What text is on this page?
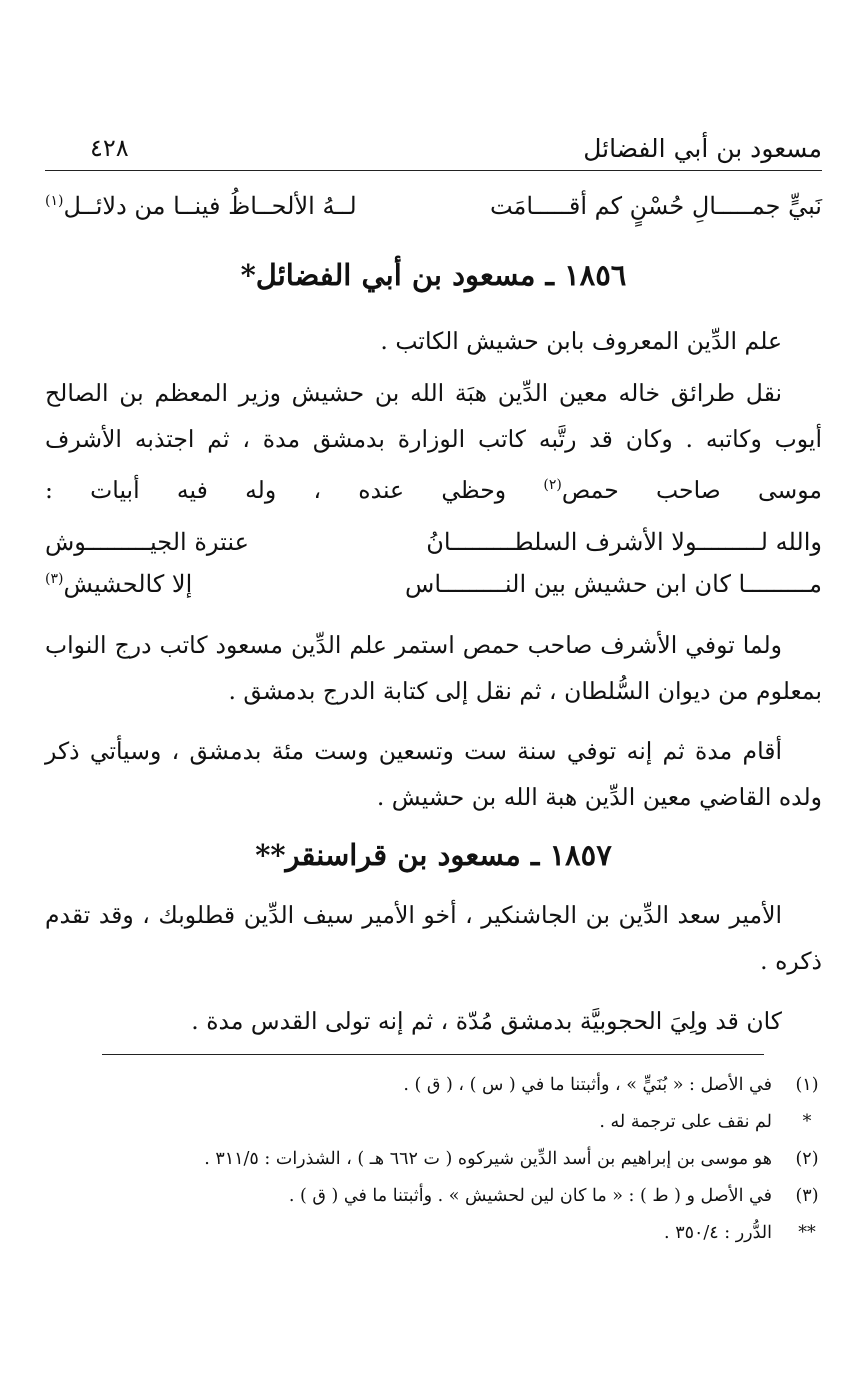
مسعود بن أبي الفضائل
٤٢٨
نَبيٍّ جمـــــالِ حُسْنٍ كم أقـــــامَت
لــهُ الألحــاظُ فينــا من دلائــل$^{(١)}$
١٨٥٦ ـ مسعود بن أبي الفضائل*

علم الدِّين المعروف بابن حشيش الكاتب .

نقل طرائق خاله معين الدِّين هبَة الله بن حشيش وزير المعظم بن الصالح أيوب وكاتبه . وكان قد رتَّبه كاتب الوزارة بدمشق مدة ، ثم اجتذبه الأشرف موسى صاحب حمص$^{(٢)}$ وحظي عنده ، وله فيه أبيات :

والله لـــــــــولا الأشرف السلطـــــــــانُ
عنترة الجيـــــــــوش
مـــــــــا كان ابن حشيش بين النـــــــــاس
إلا كالحشيش$^{(٣)}$

ولما توفي الأشرف صاحب حمص استمر علم الدِّين مسعود كاتب درج النواب بمعلوم من ديوان السُّلطان ، ثم نقل إلى كتابة الدرج بدمشق .

أقام مدة ثم إنه توفي سنة ست وتسعين وست مئة بدمشق ، وسيأتي ذكر ولده القاضي معين الدِّين هبة الله بن حشيش .

١٨٥٧ ـ مسعود بن قراسنقر**

الأمير سعد الدِّين بن الجاشنكير ، أخو الأمير سيف الدِّين قطلوبك ، وقد تقدم ذكره .

كان قد ولِيَ الحجوبيَّة بدمشق مُدّة ، ثم إنه تولى القدس مدة .

(١)
في الأصل : « بُنَيٍّ » ، وأثبتنا ما في ( س ) ، ( ق ) .
*
لم نقف على ترجمة له .
(٢)
هو موسى بن إبراهيم بن أسد الدِّين شيركوه ( ت ٦٦٢ هـ ) ، الشذرات : ٣١١/٥ .
(٣)
في الأصل و ( ط ) : « ما كان لين لحشيش » . وأثبتنا ما في ( ق ) .
**
الدُّرر : ٣٥٠/٤ .
